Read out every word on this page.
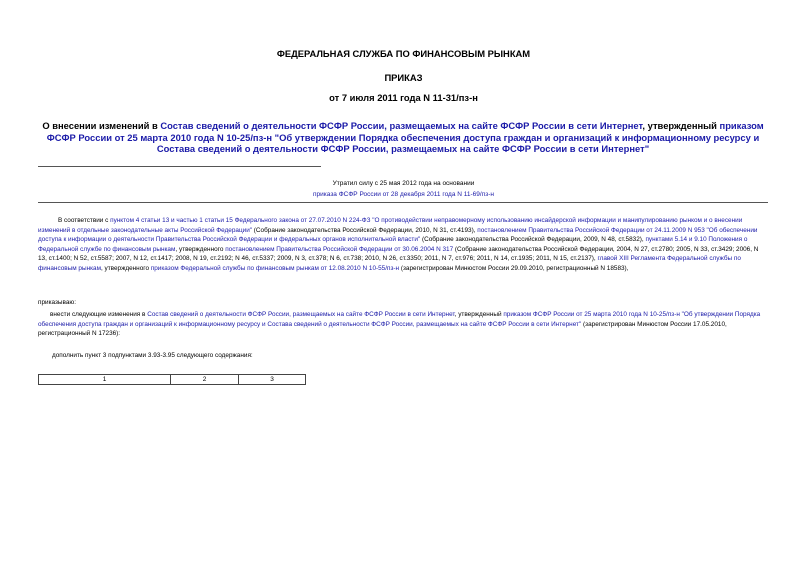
ФЕДЕРАЛЬНАЯ СЛУЖБА ПО ФИНАНСОВЫМ РЫНКАМ
ПРИКАЗ
от 7 июля 2011 года N 11-31/пз-н
О внесении изменений в Состав сведений о деятельности ФСФР России, размещаемых на сайте ФСФР России в сети Интернет, утвержденный приказом ФСФР России от 25 марта 2010 года N 10-25/пз-н "Об утверждении Порядка обеспечения доступа граждан и организаций к информационному ресурсу и Состава сведений о деятельности ФСФР России, размещаемых на сайте ФСФР России в сети Интернет"
Утратил силу с 25 мая 2012 года на основании
приказа ФСФР России от 28 декабря 2011 года N 11-69/пз-н
В соответствии с пунктом 4 статьи 13 и частью 1 статьи 15 Федерального закона от 27.07.2010 N 224-ФЗ "О противодействии неправомерному использованию инсайдерской информации и манипулированию рынком и о внесении изменений в отдельные законодательные акты Российской Федерации" (Собрание законодательства Российской Федерации, 2010, N 31, ст.4193), постановлением Правительства Российской Федерации от 24.11.2009 N 953 "Об обеспечении доступа к информации о деятельности Правительства Российской Федерации и федеральных органов исполнительной власти" (Собрание законодательства Российской Федерации, 2009, N 48, ст.5832), пунктами 5.14 и 9.10 Положения о Федеральной службе по финансовым рынкам, утвержденного постановлением Правительства Российской Федерации от 30.06.2004 N 317 (Собрание законодательства Российской Федерации, 2004, N 27, ст.2780; 2005, N 33, ст.3429; 2006, N 13, ст.1400; N 52, ст.5587; 2007, N 12, ст.1417; 2008, N 19, ст.2192; N 46, ст.5337; 2009, N 3, ст.378; N 6, ст.738; 2010, N 26, ст.3350; 2011, N 7, ст.976; 2011, N 14, ст.1935; 2011, N 15, ст.2137), главой XIII Регламента Федеральной службы по финансовым рынкам, утвержденного приказом Федеральной службы по финансовым рынкам от 12.08.2010 N 10-55/пз-н (зарегистрирован Минюстом России 29.09.2010, регистрационный N 18583),
приказываю:
внести следующие изменения в Состав сведений о деятельности ФСФР России, размещаемых на сайте ФСФР России в сети Интернет, утвержденный приказом ФСФР России от 25 марта 2010 года N 10-25/пз-н "Об утверждении Порядка обеспечения доступа граждан и организаций к информационному ресурсу и Состава сведений о деятельности ФСФР России, размещаемых на сайте ФСФР России в сети Интернет" (зарегистрирован Минюстом России 17.05.2010, регистрационный N 17236):
дополнить пункт 3 подпунктами 3.93-3.95 следующего содержания:
1	2	3
